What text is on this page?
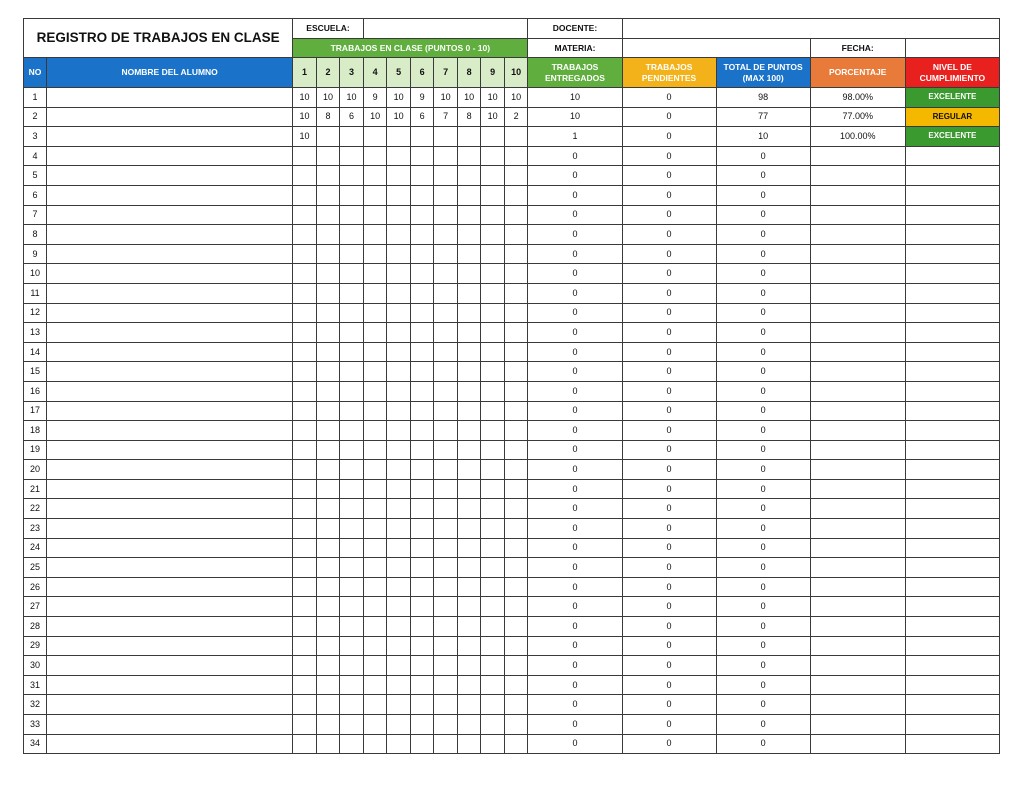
REGISTRO DE TRABAJOS EN CLASE		ESCUELA:										DOCENTE:				
		TRABAJOS EN CLASE (PUNTOS 0 - 10)										MATERIA:			FECHA:	
NO	NOMBRE DEL ALUMNO	1	2	3	4	5	6	7	8	9	10	TRABAJOS ENTREGADOS	TRABAJOS PENDIENTES	TOTAL DE PUNTOS (MAX 100)	PORCENTAJE	NIVEL DE CUMPLIMIENTO
1		10	10	10	9	10	9	10	10	10	10	10	0	98	98.00%	EXCELENTE
2		10	8	6	10	10	6	7	8	10	2	10	0	77	77.00%	REGULAR
3		10										1	0	10	100.00%	EXCELENTE
4												0	0	0		
5												0	0	0		
6												0	0	0		
7												0	0	0		
8												0	0	0		
9												0	0	0		
10												0	0	0		
11												0	0	0		
12												0	0	0		
13												0	0	0		
14												0	0	0		
15												0	0	0		
16												0	0	0		
17												0	0	0		
18												0	0	0		
19												0	0	0		
20												0	0	0		
21												0	0	0		
22												0	0	0		
23												0	0	0		
24												0	0	0		
25												0	0	0		
26												0	0	0		
27												0	0	0		
28												0	0	0		
29												0	0	0		
30												0	0	0		
31												0	0	0		
32												0	0	0		
33												0	0	0		
34												0	0	0		
